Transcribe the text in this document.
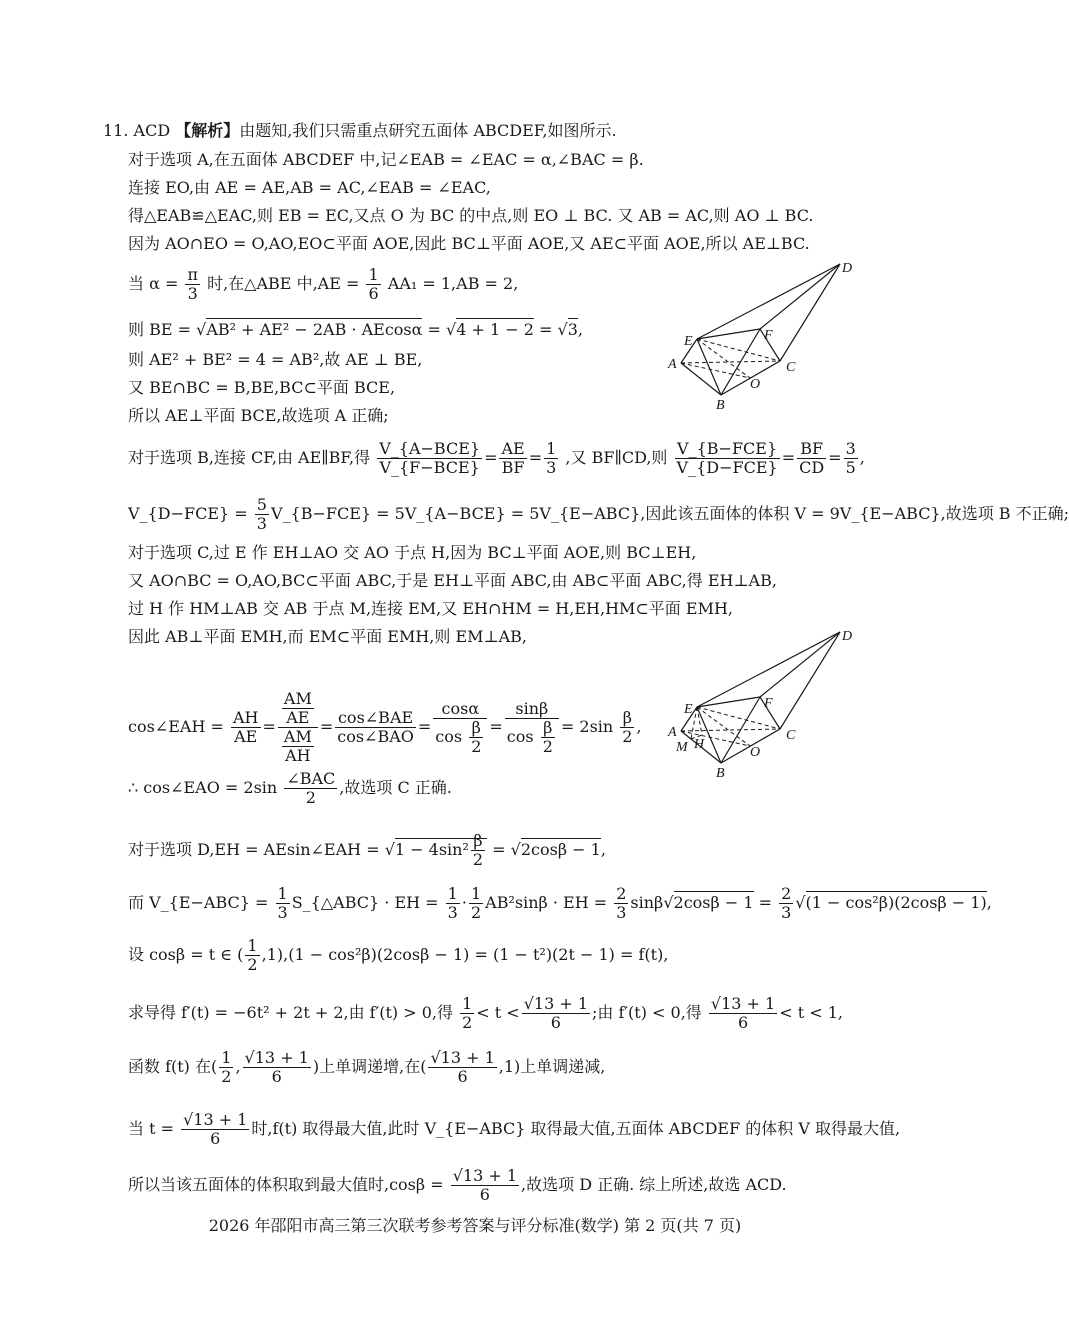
11. ACD 【解析】由题知,我们只需重点研究五面体 ABCDEF,如图所示.
对于选项 A,在五面体 ABCDEF 中,记∠EAB = ∠EAC = α,∠BAC = β.
连接 EO,由 AE = AE,AB = AC,∠EAB = ∠EAC,
得△EAB≌△EAC,则 EB = EC,又点 O 为 BC 的中点,则 EO ⊥ BC. 又 AB = AC,则 AO ⊥ BC.
因为 AO∩EO = O,AO,EO⊂平面 AOE,因此 BC⊥平面 AOE,又 AE⊂平面 AOE,所以 AE⊥BC.
当 $\alpha = \frac{\pi}{3}$ 时,在△ABE 中$,AE = \frac{1}{6} AA_1 = 1,AB = 2$,
则 BE = √AB² + AE² − 2AB · AEcosα = √4 + 1 − 2 = √3,
则 AE² + BE² = 4 = AB²,故 AE ⊥ BE,
又 BE∩BC = B,BE,BC⊂平面 BCE,
所以 AE⊥平面 BCE,故选项 A 正确;
对于选项 B,连接 CF,由 AE∥BF,得 $\frac{\text{V\_\{A−BCE\}}}{\text{V\_\{F−BCE\}}} = \frac{AE}{BF} = \frac{1}{3}$ ,又 BF∥CD,则 $\frac{\text{V\_\{B−FCE\}}}{\text{V\_\{D−FCE\}}} = \frac{BF}{CD} = \frac{3}{5}$ ,
V_{D−FCE} = $\frac{5}{3}$ V_{B−FCE} = 5V_{A−BCE} = 5V_{E−ABC},因此该五面体的体积 V = 9V_{E−ABC},故选项 B 不正确;
对于选项 C,过 E 作 EH⊥AO 交 AO 于点 H,因为 BC⊥平面 AOE,则 BC⊥EH,
又 AO∩BC = O,AO,BC⊂平面 ABC,于是 EH⊥平面 ABC,由 AB⊂平面 ABC,得 EH⊥AB,
过 H 作 HM⊥AB 交 AB 于点 M,连接 EM,又 EH∩HM = H,EH,HM⊂平面 EMH,
因此 AB⊥平面 EMH,而 EM⊂平面 EMH,则 EM⊥AB,
cos∠EAH = $\frac{AH}{AE} = \frac{\frac{AM}{AE}}{\frac{AM}{AH}} = \frac{\text{cos∠BAE}}{\text{cos∠BAO}} = \frac{\cos\alpha}{\cos \frac{\beta}{2}} = \frac{\sin\beta}{\cos \frac{\beta}{2}} = 2\sin \frac{\beta}{2}$ ,
∴ cos∠EAO = $2\sin \frac{\text{∠BAC}}{2}$ ,故选项 C 正确.
对于选项 D,EH = AEsin∠EAH = $√1 - 4\sin^2 \frac{\beta}{2} = √2\cos\beta - 1$,
而 V_{E−ABC} = $\frac{1}{3}$ S_{△ABC} · EH = $\frac{1}{3} \cdot \frac{1}{2} AB^2\sin\beta$ · EH = $\frac{2}{3} \sin\beta√2\cos\beta - 1 = \frac{2}{3} √(1 - \cos^2\beta)(2\cos\beta - 1)$,
设 cosβ = t ∈ ( $\frac{1}{2} ,1),(1 - \cos^2\beta)(2\cos\beta - 1) = (1 - t^2)(2t - 1) = f(t)$,
求导得 f′(t) = −6t² + 2t + 2,由 f′(t) > 0,得 $\frac{1}{2} < t < \frac{√13 + 1}{6}$ ;由 f′(t) < 0,得 $\frac{√13 + 1}{6} < t < 1$,
函数 f(t) 在( $\frac{1}{2}$ , $\frac{√13 + 1}{6}$ )上单调递增,在( $\frac{√13 + 1}{6} ,1$)上单调递减,
当 $t = \frac{√13 + 1}{6}$ 时,f(t) 取得最大值,此时 V_{E−ABC} 取得最大值,五面体 ABCDEF 的体积 V 取得最大值,
所以当该五面体的体积取到最大值时$,\cos\beta = \frac{√13 + 1}{6}$ ,故选项 D 正确. 综上所述,故选 ACD.
D
E	F
A	C
O
B
D
E	F
A	C
M H
O
B
2026 年邵阳市高三第三次联考参考答案与评分标准(数学) 第 2 页(共 7 页)
